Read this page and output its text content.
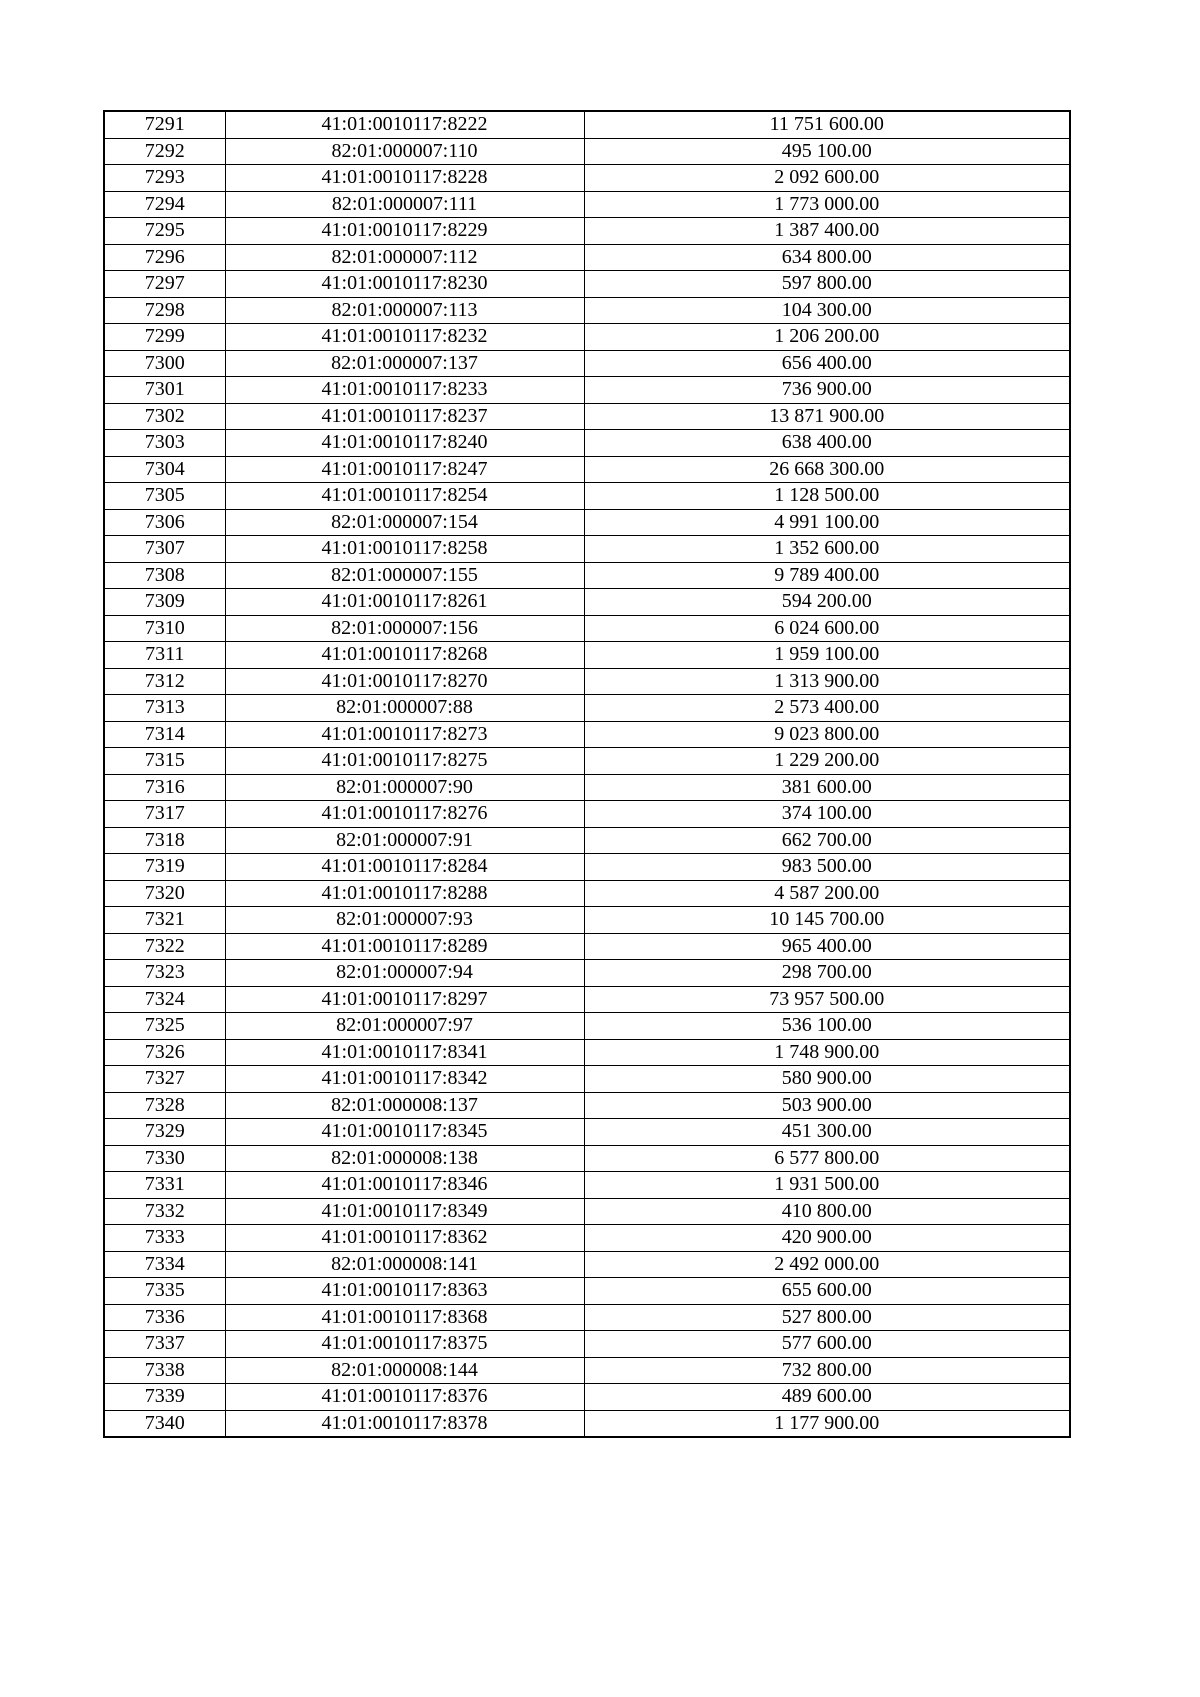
7291	41:01:0010117:8222	11 751 600.00
7292	82:01:000007:110	495 100.00
7293	41:01:0010117:8228	2 092 600.00
7294	82:01:000007:111	1 773 000.00
7295	41:01:0010117:8229	1 387 400.00
7296	82:01:000007:112	634 800.00
7297	41:01:0010117:8230	597 800.00
7298	82:01:000007:113	104 300.00
7299	41:01:0010117:8232	1 206 200.00
7300	82:01:000007:137	656 400.00
7301	41:01:0010117:8233	736 900.00
7302	41:01:0010117:8237	13 871 900.00
7303	41:01:0010117:8240	638 400.00
7304	41:01:0010117:8247	26 668 300.00
7305	41:01:0010117:8254	1 128 500.00
7306	82:01:000007:154	4 991 100.00
7307	41:01:0010117:8258	1 352 600.00
7308	82:01:000007:155	9 789 400.00
7309	41:01:0010117:8261	594 200.00
7310	82:01:000007:156	6 024 600.00
7311	41:01:0010117:8268	1 959 100.00
7312	41:01:0010117:8270	1 313 900.00
7313	82:01:000007:88	2 573 400.00
7314	41:01:0010117:8273	9 023 800.00
7315	41:01:0010117:8275	1 229 200.00
7316	82:01:000007:90	381 600.00
7317	41:01:0010117:8276	374 100.00
7318	82:01:000007:91	662 700.00
7319	41:01:0010117:8284	983 500.00
7320	41:01:0010117:8288	4 587 200.00
7321	82:01:000007:93	10 145 700.00
7322	41:01:0010117:8289	965 400.00
7323	82:01:000007:94	298 700.00
7324	41:01:0010117:8297	73 957 500.00
7325	82:01:000007:97	536 100.00
7326	41:01:0010117:8341	1 748 900.00
7327	41:01:0010117:8342	580 900.00
7328	82:01:000008:137	503 900.00
7329	41:01:0010117:8345	451 300.00
7330	82:01:000008:138	6 577 800.00
7331	41:01:0010117:8346	1 931 500.00
7332	41:01:0010117:8349	410 800.00
7333	41:01:0010117:8362	420 900.00
7334	82:01:000008:141	2 492 000.00
7335	41:01:0010117:8363	655 600.00
7336	41:01:0010117:8368	527 800.00
7337	41:01:0010117:8375	577 600.00
7338	82:01:000008:144	732 800.00
7339	41:01:0010117:8376	489 600.00
7340	41:01:0010117:8378	1 177 900.00
